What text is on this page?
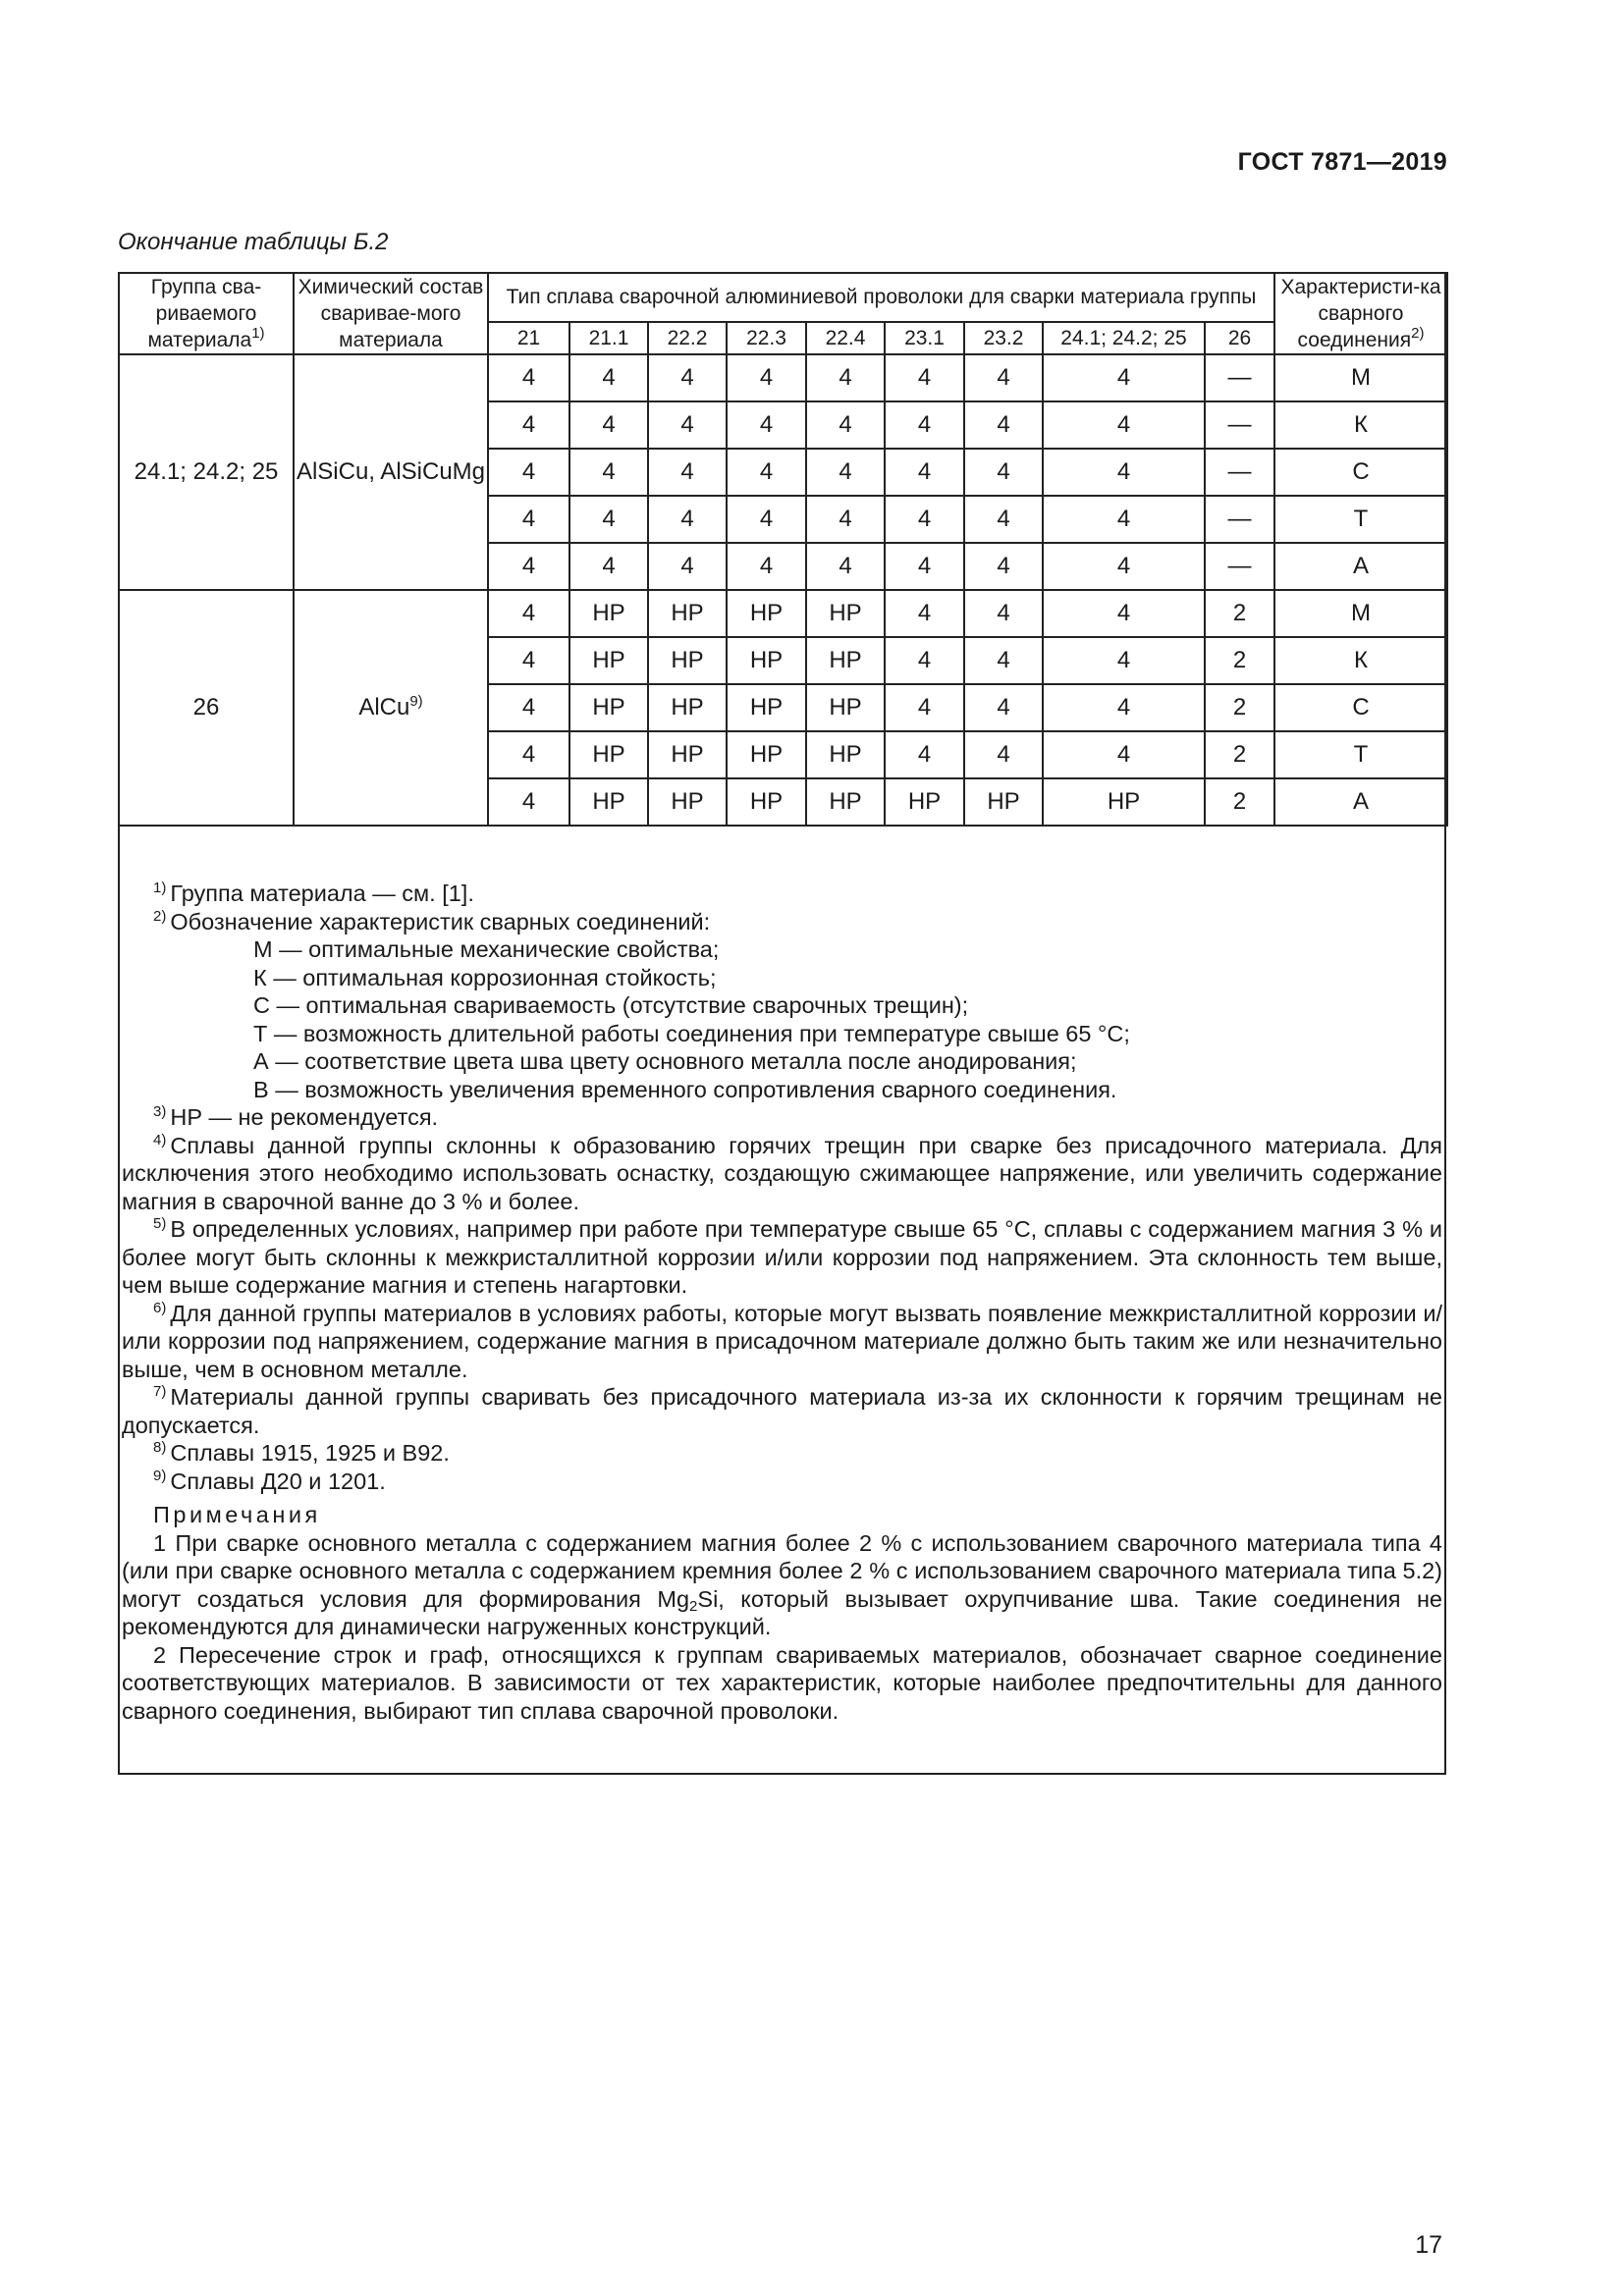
ГОСТ 7871—2019
Окончание таблицы Б.2
Группа сва-риваемого материала$^{1)}$	Химический состав сваривае-мого материала	Тип сплава сварочной алюминиевой проволоки для сварки материала группы									Характеристи-ка сварного соединения$^{2)}$
		21	21.1	22.2	22.3	22.4	23.1	23.2	24.1; 24.2; 25	26	
24.1; 24.2; 25	AlSiCu, AlSiCuMg	4	4	4	4	4	4	4	4	—	М
		4	4	4	4	4	4	4	4	—	К
		4	4	4	4	4	4	4	4	—	С
		4	4	4	4	4	4	4	4	—	Т
		4	4	4	4	4	4	4	4	—	А
26	AlCu$^{9)}$	4	НР	НР	НР	НР	4	4	4	2	М
		4	НР	НР	НР	НР	4	4	4	2	К
		4	НР	НР	НР	НР	4	4	4	2	С
		4	НР	НР	НР	НР	4	4	4	2	Т
		4	НР	НР	НР	НР	НР	НР	НР	2	А

$^{1)}$ Группа материала — см. [1].

$^{2)}$ Обозначение характеристик сварных соединений:

М — оптимальные механические свойства;

К — оптимальная коррозионная стойкость;

С — оптимальная свариваемость (отсутствие сварочных трещин);

Т — возможность длительной работы соединения при температуре свыше 65 °С;

А — соответствие цвета шва цвету основного металла после анодирования;

В — возможность увеличения временного сопротивления сварного соединения.

$^{3)}$ НР — не рекомендуется.

$^{4)}$ Сплавы данной группы склонны к образованию горячих трещин при сварке без присадочного материала. Для исключения этого необходимо использовать оснастку, создающую сжимающее напряжение, или увеличить содержание магния в сварочной ванне до 3 % и более.

$^{5)}$ В определенных условиях, например при работе при температуре свыше 65 °С, сплавы с содержанием магния 3 % и более могут быть склонны к межкристаллитной коррозии и/или коррозии под напряжением. Эта склонность тем выше, чем выше содержание магния и степень нагартовки.

$^{6)}$ Для данной группы материалов в условиях работы, которые могут вызвать появление межкристаллитной коррозии и/или коррозии под напряжением, содержание магния в присадочном материале должно быть таким же или незначительно выше, чем в основном металле.

$^{7)}$ Материалы данной группы сваривать без присадочного материала из-за их склонности к горячим трещинам не допускается.

$^{8)}$ Сплавы 1915, 1925 и В92.

$^{9)}$ Сплавы Д20 и 1201.

Примечания

1 При сварке основного металла с содержанием магния более 2 % с использованием сварочного материала типа 4 (или при сварке основного металла с содержанием кремния более 2 % с использованием сварочного материала типа 5.2) могут создаться условия для формирования $Mg_2Si$, который вызывает охрупчивание шва. Такие соединения не рекомендуются для динамически нагруженных конструкций.

2 Пересечение строк и граф, относящихся к группам свариваемых материалов, обозначает сварное соединение соответствующих материалов. В зависимости от тех характеристик, которые наиболее предпочтительны для данного сварного соединения, выбирают тип сплава сварочной проволоки.

17
